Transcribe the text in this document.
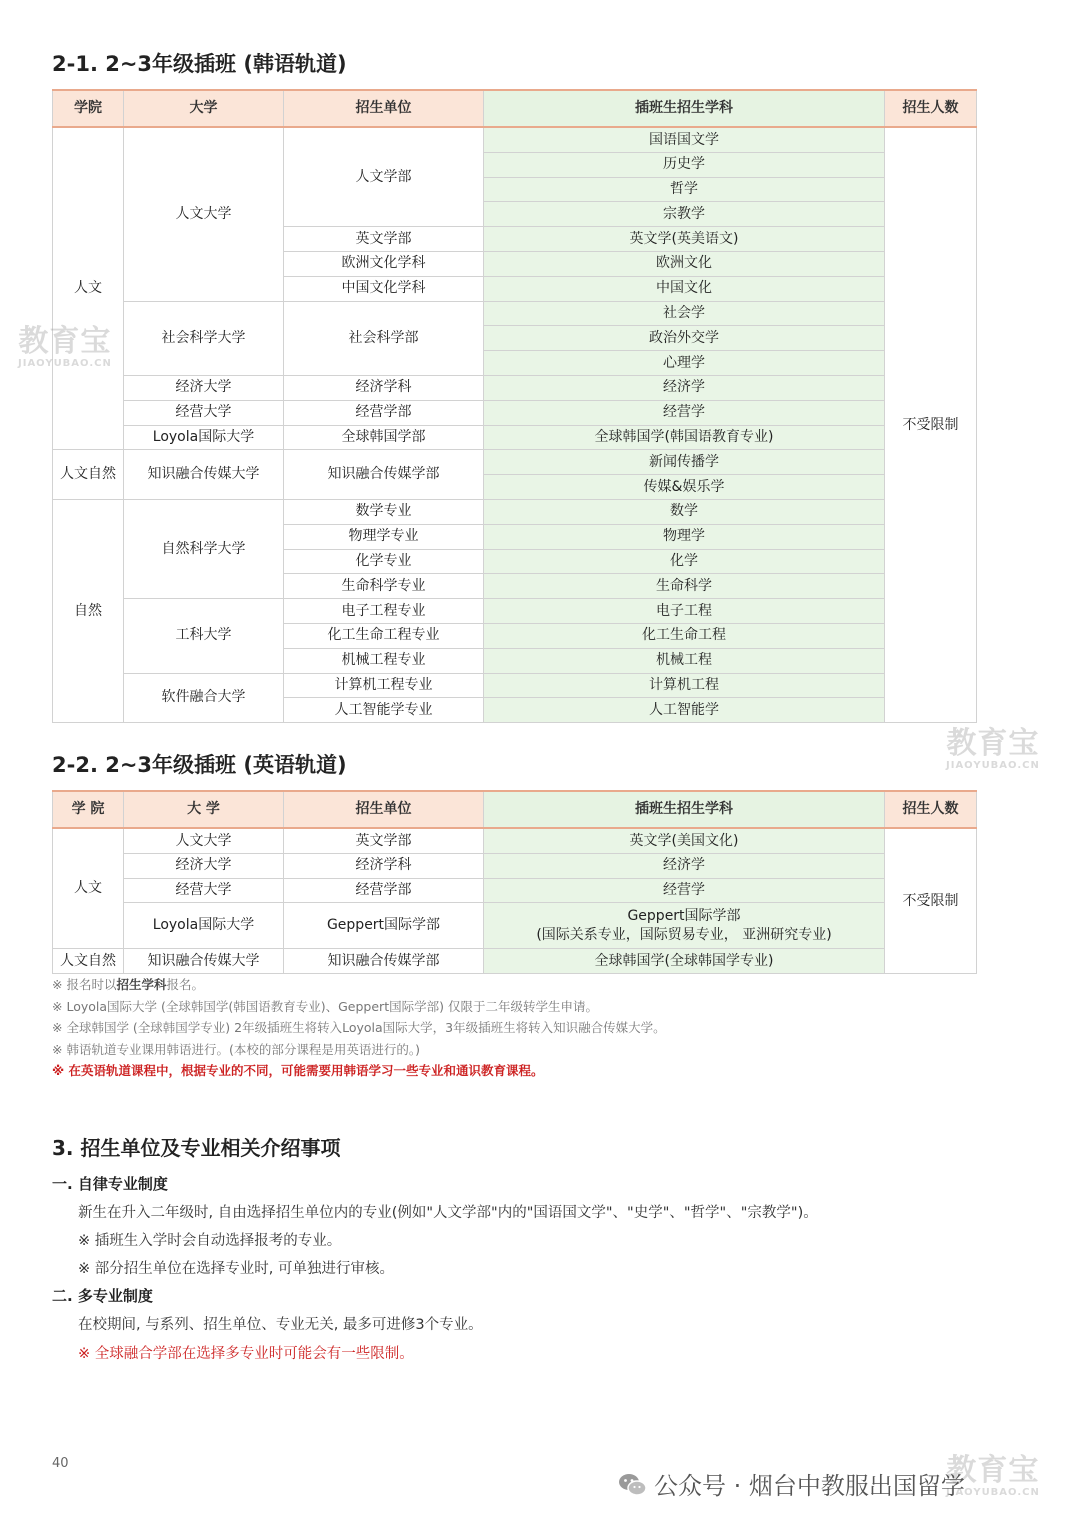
2-1. 2~3年级插班 (韩语轨道)
学院	大学	招生单位	插班生招生学科	招生人数
人文	人文大学	人文学部	国语国文学	不受限制
			历史学	
			哲学	
			宗教学	
		英文学部	英文学(英美语文)	
		欧洲文化学科	欧洲文化	
		中国文化学科	中国文化	
	社会科学大学	社会科学部	社会学	
			政治外交学	
			心理学	
	经济大学	经济学科	经济学	
	经营大学	经营学部	经营学	
	Loyola国际大学	全球韩国学部	全球韩国学(韩国语教育专业)	
人文自然	知识融合传媒大学	知识融合传媒学部	新闻传播学	
			传媒&娱乐学	
自然	自然科学大学	数学专业	数学	
		物理学专业	物理学	
		化学专业	化学	
		生命科学专业	生命科学	
	工科大学	电子工程专业	电子工程	
		化工生命工程专业	化工生命工程	
		机械工程专业	机械工程	
	软件融合大学	计算机工程专业	计算机工程	
		人工智能学专业	人工智能学	
2-2. 2~3年级插班 (英语轨道)
学 院	大 学	招生单位	插班生招生学科	招生人数
人文	人文大学	英文学部	英文学(美国文化)	不受限制
	经济大学	经济学科	经济学	
	经营大学	经营学部	经营学	
	Loyola国际大学	Geppert国际学部	Geppert国际学部
(国际关系专业，国际贸易专业， 亚洲研究专业)	

人文自然	知识融合传媒大学	知识融合传媒学部	全球韩国学(全球韩国学专业)	
※ 报名时以招生学科报名。
※ Loyola国际大学 (全球韩国学(韩国语教育专业)、Geppert国际学部) 仅限于二年级转学生申请。
※ 全球韩国学 (全球韩国学专业) 2年级插班生将转入Loyola国际大学，3年级插班生将转入知识融合传媒大学。
※ 韩语轨道专业课用韩语进行。(本校的部分课程是用英语进行的。)
※ 在英语轨道课程中，根据专业的不同，可能需要用韩语学习一些专业和通识教育课程。
3. 招生单位及专业相关介绍事项
一. 自律专业制度
新生在升入二年级时, 自由选择招生单位内的专业(例如"人文学部"内的"国语国文学"、"史学"、"哲学"、"宗教学")。
※ 插班生入学时会自动选择报考的专业。
※ 部分招生单位在选择专业时, 可单独进行审核。
二. 多专业制度
在校期间, 与系列、招生单位、专业无关, 最多可进修3个专业。
※ 全球融合学部在选择多专业时可能会有一些限制。
40
教育宝
JIAOYUBAO.CN
教育宝
JIAOYUBAO.CN
教育宝
JIAOYUBAO.CN
公众号 · 烟台中教服出国留学
